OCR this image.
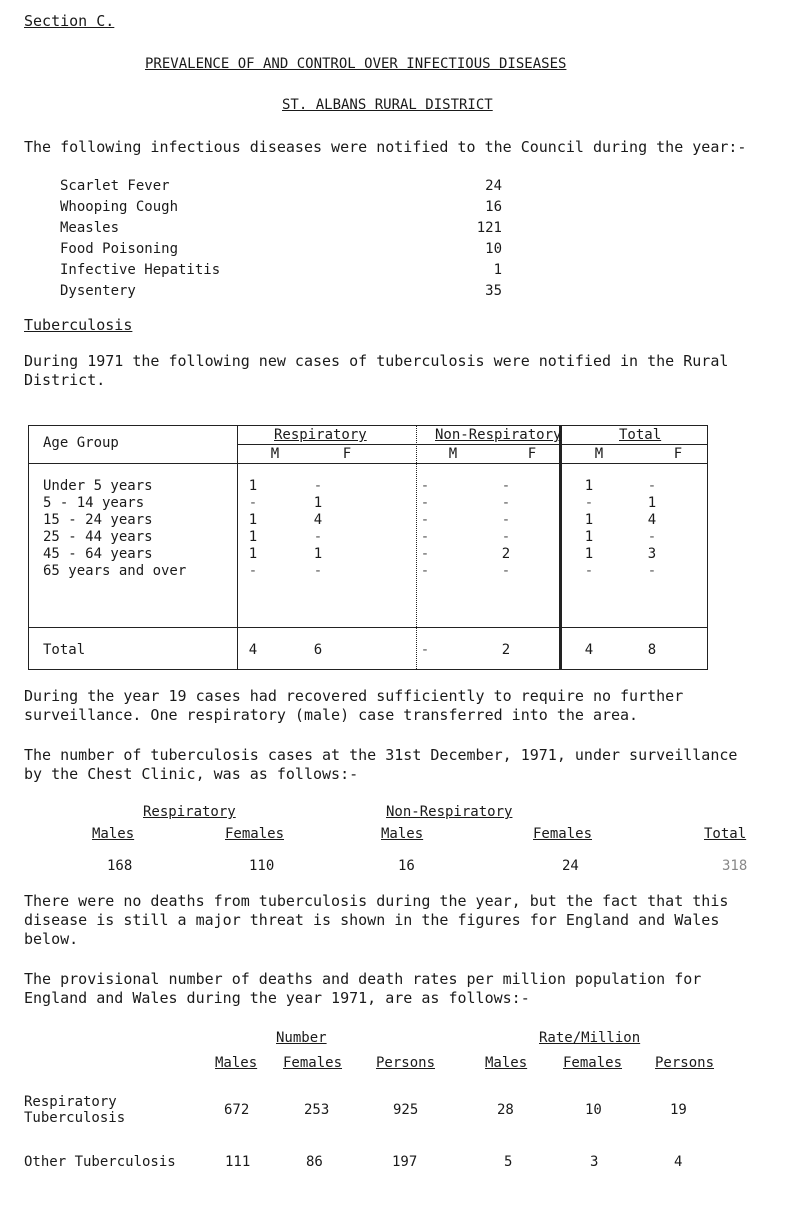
Section C.
PREVALENCE OF AND CONTROL OVER INFECTIOUS DISEASES
ST. ALBANS RURAL DISTRICT
The following infectious diseases were notified to the Council during the year:-
Scarlet Fever	24
Whooping Cough	16
Measles	121
Food Poisoning	10
Infective Hepatitis	1
Dysentery	35
Tuberculosis
During 1971 the following new cases of tuberculosis were notified in the Rural
District.
Age Group	Respiratory	Non-Respiratory	Total
M	F	M	F	M	F
Under 5 years	1	-	-	-	1	-
5 - 14 years	-	1	-	-	-	1
15 - 24 years	1	4	-	-	1	4
25 - 44 years	1	-	-	-	1	-
45 - 64 years	1	1	-	2	1	3
65 years and over	-	-	-	-	-	-
Total	4	6	-	2	4	8
During the year 19 cases had recovered sufficiently to require no further
surveillance. One respiratory (male) case transferred into the area.
The number of tuberculosis cases at the 31st December, 1971, under surveillance
by the Chest Clinic, was as follows:-
Respiratory	Non-Respiratory
Males	Females	Males	Females	Total
168	110	16	24	318
There were no deaths from tuberculosis during the year, but the fact that this
disease is still a major threat is shown in the figures for England and Wales
below.
The provisional number of deaths and death rates per million population for
England and Wales during the year 1971, are as follows:-
Number	Rate/Million
Males Females Persons	Males	Females Persons
Respiratory
Tuberculosis	672	253	925	28	10	19
Other Tuberculosis	111	86	197	5	3	4
